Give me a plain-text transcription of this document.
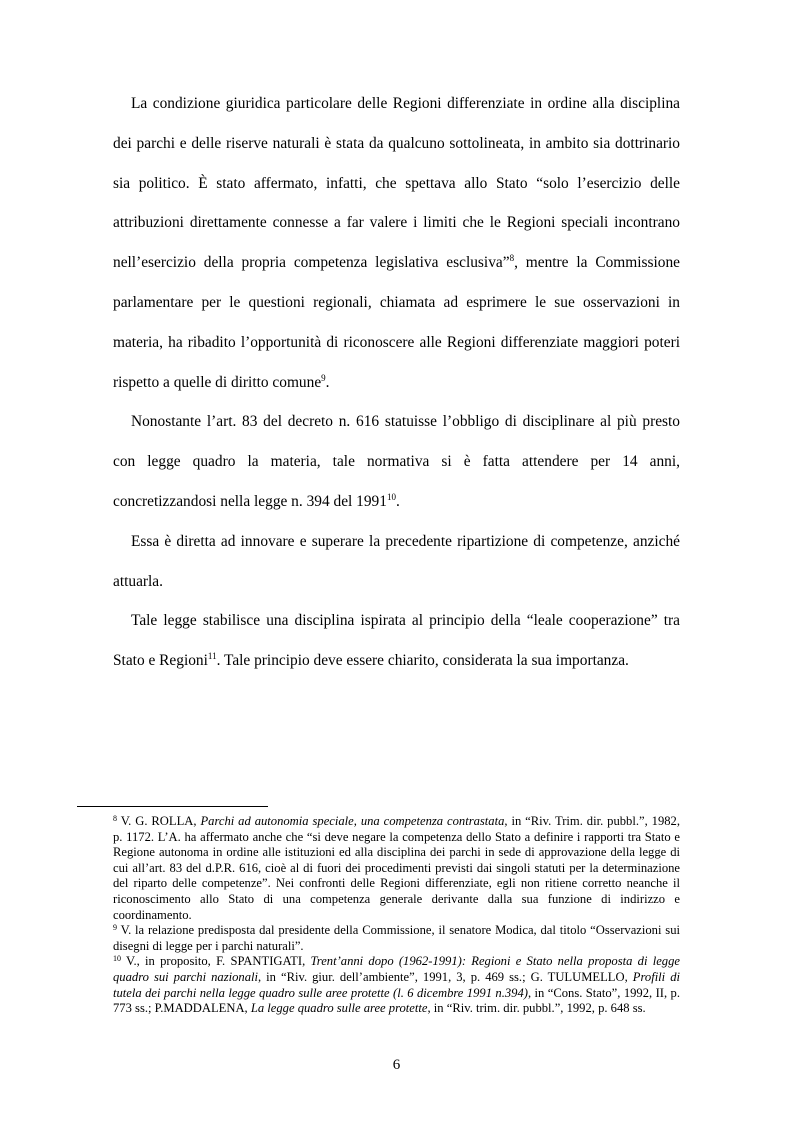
La condizione giuridica particolare delle Regioni differenziate in ordine alla disciplina dei parchi e delle riserve naturali è stata da qualcuno sottolineata, in ambito sia dottrinario sia politico. È stato affermato, infatti, che spettava allo Stato “solo l’esercizio delle attribuzioni direttamente connesse a far valere i limiti che le Regioni speciali incontrano nell’esercizio della propria competenza legislativa esclusiva”$^8$, mentre la Commissione parlamentare per le questioni regionali, chiamata ad esprimere le sue osservazioni in materia, ha ribadito l’opportunità di riconoscere alle Regioni differenziate maggiori poteri rispetto a quelle di diritto comune$^9$.

Nonostante l’art. 83 del decreto n. 616 statuisse l’obbligo di disciplinare al più presto con legge quadro la materia, tale normativa si è fatta attendere per 14 anni, concretizzandosi nella legge n. 394 del 1991$^{10}$.

Essa è diretta ad innovare e superare la precedente ripartizione di competenze, anziché attuarla.

Tale legge stabilisce una disciplina ispirata al principio della “leale cooperazione” tra Stato e Regioni$^{11}$. Tale principio deve essere chiarito, considerata la sua importanza.

$^8$ V. G. ROLLA, Parchi ad autonomia speciale, una competenza contrastata, in “Riv. Trim. dir. pubbl.”, 1982, p. 1172. L’A. ha affermato anche che “si deve negare la competenza dello Stato a definire i rapporti tra Stato e Regione autonoma in ordine alle istituzioni ed alla disciplina dei parchi in sede di approvazione della legge di cui all’art. 83 del d.P.R. 616, cioè al di fuori dei procedimenti previsti dai singoli statuti per la determinazione del riparto delle competenze”. Nei confronti delle Regioni differenziate, egli non ritiene corretto neanche il riconoscimento allo Stato di una competenza generale derivante dalla sua funzione di indirizzo e coordinamento.

$^9$ V. la relazione predisposta dal presidente della Commissione, il senatore Modica, dal titolo “Osservazioni sui disegni di legge per i parchi naturali”.

$^{10}$ V., in proposito, F. SPANTIGATI, Trent’anni dopo (1962-1991): Regioni e Stato nella proposta di legge quadro sui parchi nazionali, in “Riv. giur. dell’ambiente”, 1991, 3, p. 469 ss.; G. TULUMELLO, Profili di tutela dei parchi nella legge quadro sulle aree protette (l. 6 dicembre 1991 n.394), in “Cons. Stato”, 1992, II, p. 773 ss.; P.MADDALENA, La legge quadro sulle aree protette, in “Riv. trim. dir. pubbl.”, 1992, p. 648 ss.

6
